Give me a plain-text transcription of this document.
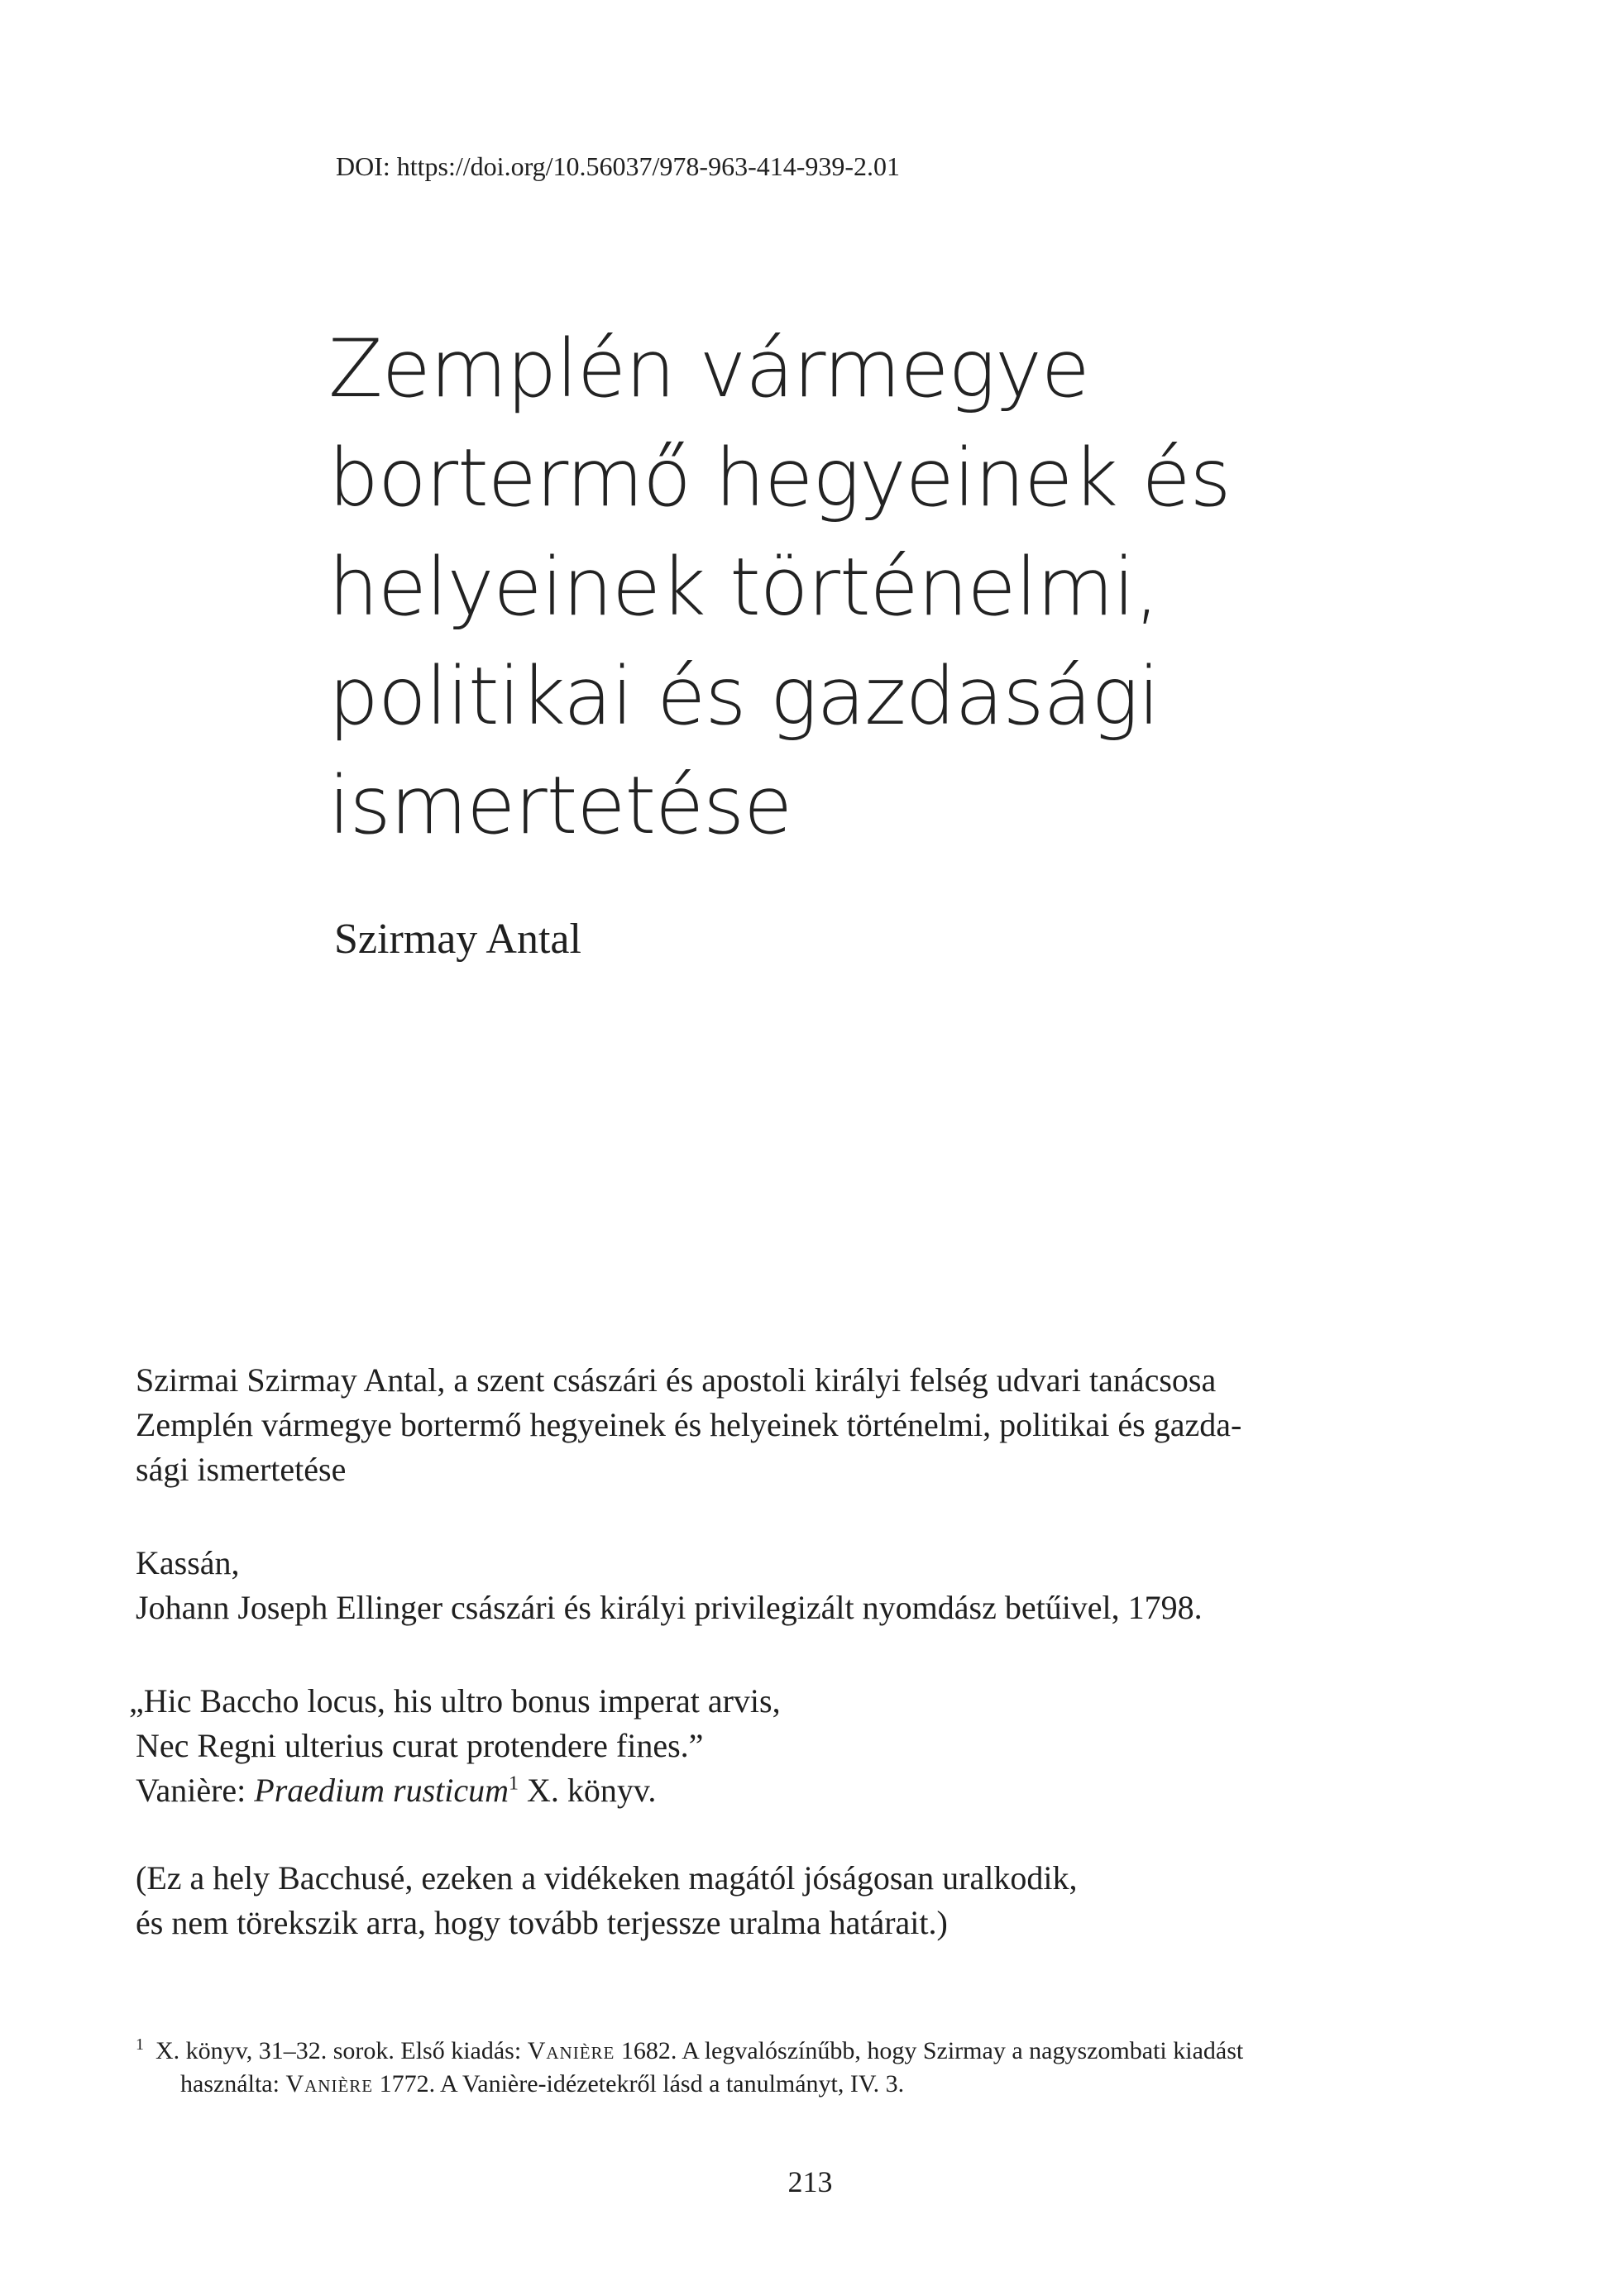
DOI: https://doi.org/10.56037/978-963-414-939-2.01
Zemplén vármegye
bortermő hegyeinek és
helyeinek történelmi,
politikai és gazdasági
ismertetése
Szirmay Antal
Szirmai Szirmay Antal, a szent császári és apostoli királyi felség udvari tanácsosa
Zemplén vármegye bortermő hegyeinek és helyeinek történelmi, politikai és gazda-
sági ismertetése
Kassán,
Johann Joseph Ellinger császári és királyi privilegizált nyomdász betűivel, 1798.
„Hic Baccho locus, his ultro bonus imperat arvis,
Nec Regni ulterius curat protendere fines.”
Vanière: Praedium rusticum$^1$ X. könyv.
(Ez a hely Bacchusé, ezeken a vidékeken magától jóságosan uralkodik,
és nem törekszik arra, hogy tovább terjessze uralma határait.)
$^1$ X. könyv, 31–32. sorok. Első kiadás: Vanière 1682. A legvalószínűbb, hogy Szirmay a nagyszombati kiadást
használta: Vanière 1772. A Vanière-idézetekről lásd a tanulmányt, IV. 3.
213
